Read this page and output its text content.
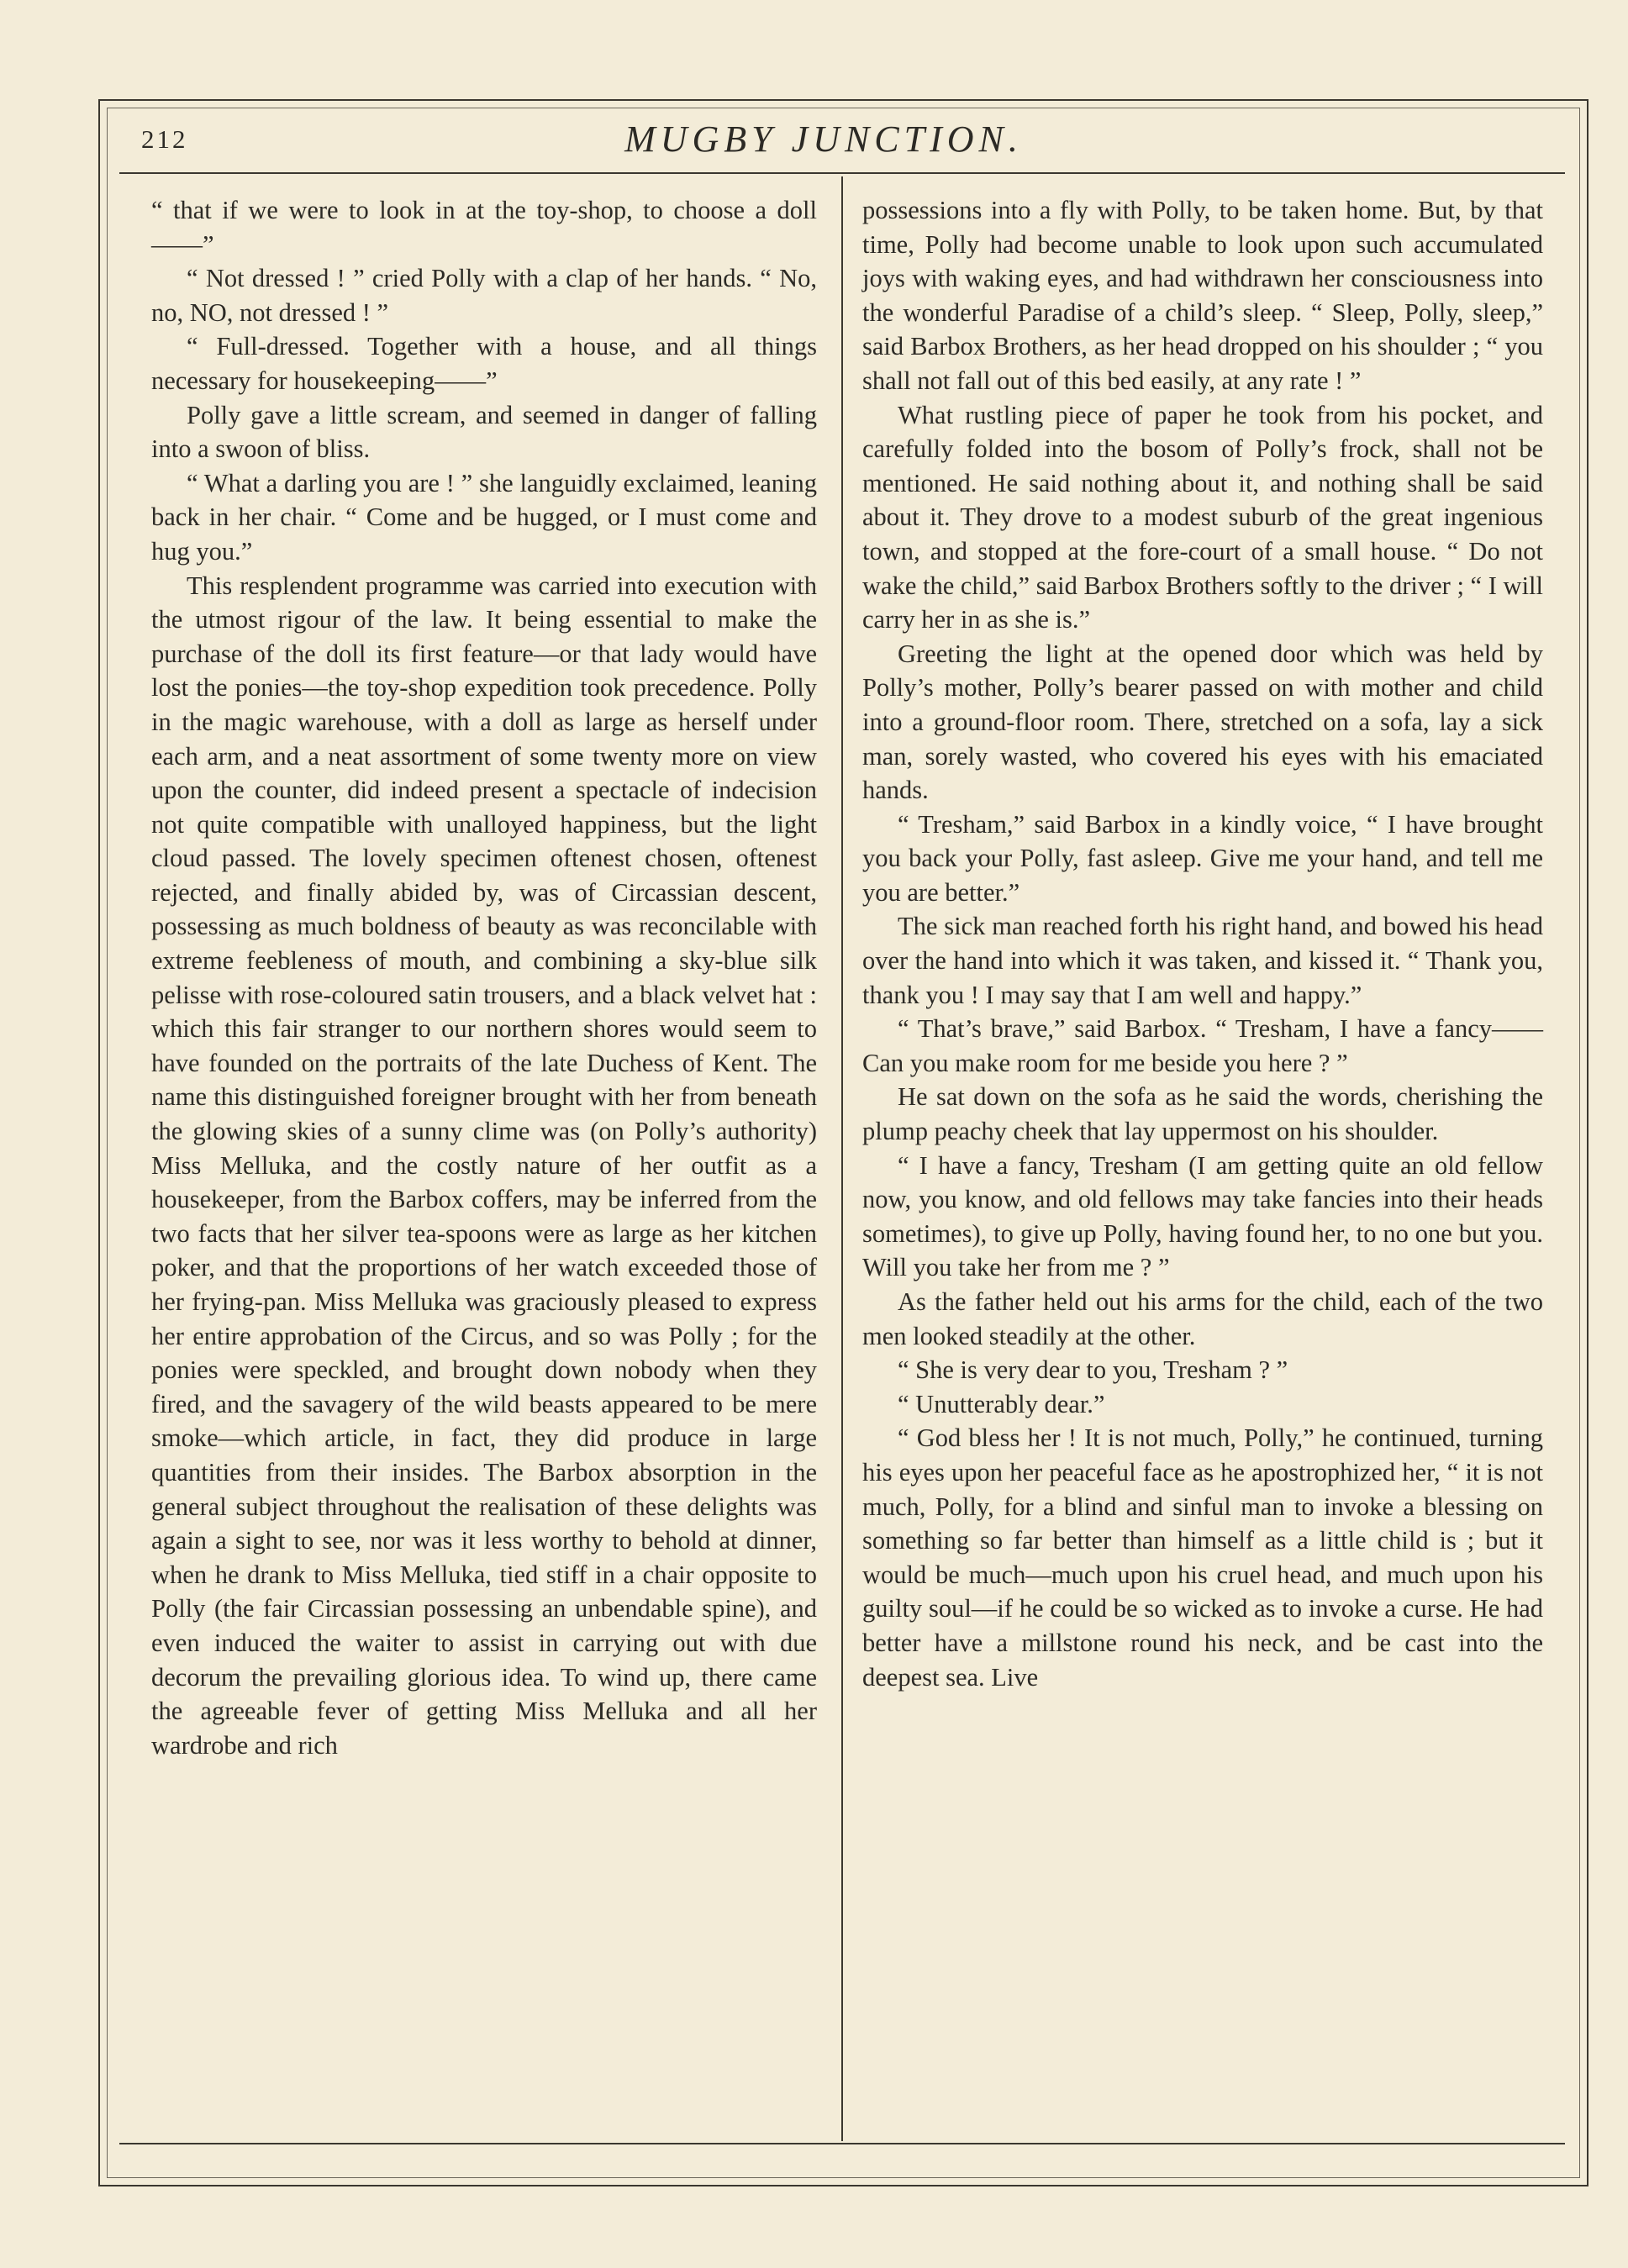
212	MUGBY JUNCTION.

“ that if we were to look in at the toy-shop, to choose a doll——”

“ Not dressed ! ” cried Polly with a clap of her hands. “ No, no, NO, not dressed ! ”

“ Full-dressed. Together with a house, and all things necessary for housekeeping——”

Polly gave a little scream, and seemed in danger of falling into a swoon of bliss.

“ What a darling you are ! ” she languidly exclaimed, leaning back in her chair. “ Come and be hugged, or I must come and hug you.”

This resplendent programme was carried into execution with the utmost rigour of the law. It being essential to make the purchase of the doll its first feature—or that lady would have lost the ponies—the toy-shop expedition took precedence. Polly in the magic warehouse, with a doll as large as herself under each arm, and a neat assortment of some twenty more on view upon the counter, did indeed present a spectacle of indecision not quite compatible with unalloyed happiness, but the light cloud passed. The lovely specimen oftenest chosen, oftenest rejected, and finally abided by, was of Circassian descent, possessing as much boldness of beauty as was reconcilable with extreme feebleness of mouth, and combining a sky-blue silk pelisse with rose-coloured satin trousers, and a black velvet hat : which this fair stranger to our northern shores would seem to have founded on the portraits of the late Duchess of Kent. The name this distinguished foreigner brought with her from beneath the glowing skies of a sunny clime was (on Polly’s authority) Miss Melluka, and the costly nature of her outfit as a housekeeper, from the Barbox coffers, may be inferred from the two facts that her silver tea-spoons were as large as her kitchen poker, and that the proportions of her watch exceeded those of her frying-pan. Miss Melluka was graciously pleased to express her entire approbation of the Circus, and so was Polly ; for the ponies were speckled, and brought down nobody when they fired, and the savagery of the wild beasts appeared to be mere smoke—which article, in fact, they did produce in large quantities from their insides. The Barbox absorption in the general subject throughout the realisation of these delights was again a sight to see, nor was it less worthy to behold at dinner, when he drank to Miss Melluka, tied stiff in a chair opposite to Polly (the fair Circassian possessing an unbendable spine), and even induced the waiter to assist in carrying out with due decorum the prevailing glorious idea. To wind up, there came the agreeable fever of getting Miss Melluka and all her wardrobe and rich

possessions into a fly with Polly, to be taken home. But, by that time, Polly had become unable to look upon such accumulated joys with waking eyes, and had withdrawn her consciousness into the wonderful Paradise of a child’s sleep. “ Sleep, Polly, sleep,” said Barbox Brothers, as her head dropped on his shoulder ; “ you shall not fall out of this bed easily, at any rate ! ”

What rustling piece of paper he took from his pocket, and carefully folded into the bosom of Polly’s frock, shall not be mentioned. He said nothing about it, and nothing shall be said about it. They drove to a modest suburb of the great ingenious town, and stopped at the fore-court of a small house. “ Do not wake the child,” said Barbox Brothers softly to the driver ; “ I will carry her in as she is.”

Greeting the light at the opened door which was held by Polly’s mother, Polly’s bearer passed on with mother and child into a ground-floor room. There, stretched on a sofa, lay a sick man, sorely wasted, who covered his eyes with his emaciated hands.

“ Tresham,” said Barbox in a kindly voice, “ I have brought you back your Polly, fast asleep. Give me your hand, and tell me you are better.”

The sick man reached forth his right hand, and bowed his head over the hand into which it was taken, and kissed it. “ Thank you, thank you ! I may say that I am well and happy.”

“ That’s brave,” said Barbox. “ Tresham, I have a fancy—— Can you make room for me beside you here ? ”

He sat down on the sofa as he said the words, cherishing the plump peachy cheek that lay uppermost on his shoulder.

“ I have a fancy, Tresham (I am getting quite an old fellow now, you know, and old fellows may take fancies into their heads sometimes), to give up Polly, having found her, to no one but you. Will you take her from me ? ”

As the father held out his arms for the child, each of the two men looked steadily at the other.

“ She is very dear to you, Tresham ? ”

“ Unutterably dear.”

“ God bless her ! It is not much, Polly,” he continued, turning his eyes upon her peaceful face as he apostrophized her, “ it is not much, Polly, for a blind and sinful man to invoke a blessing on something so far better than himself as a little child is ; but it would be much—much upon his cruel head, and much upon his guilty soul—if he could be so wicked as to invoke a curse. He had better have a millstone round his neck, and be cast into the deepest sea. Live
